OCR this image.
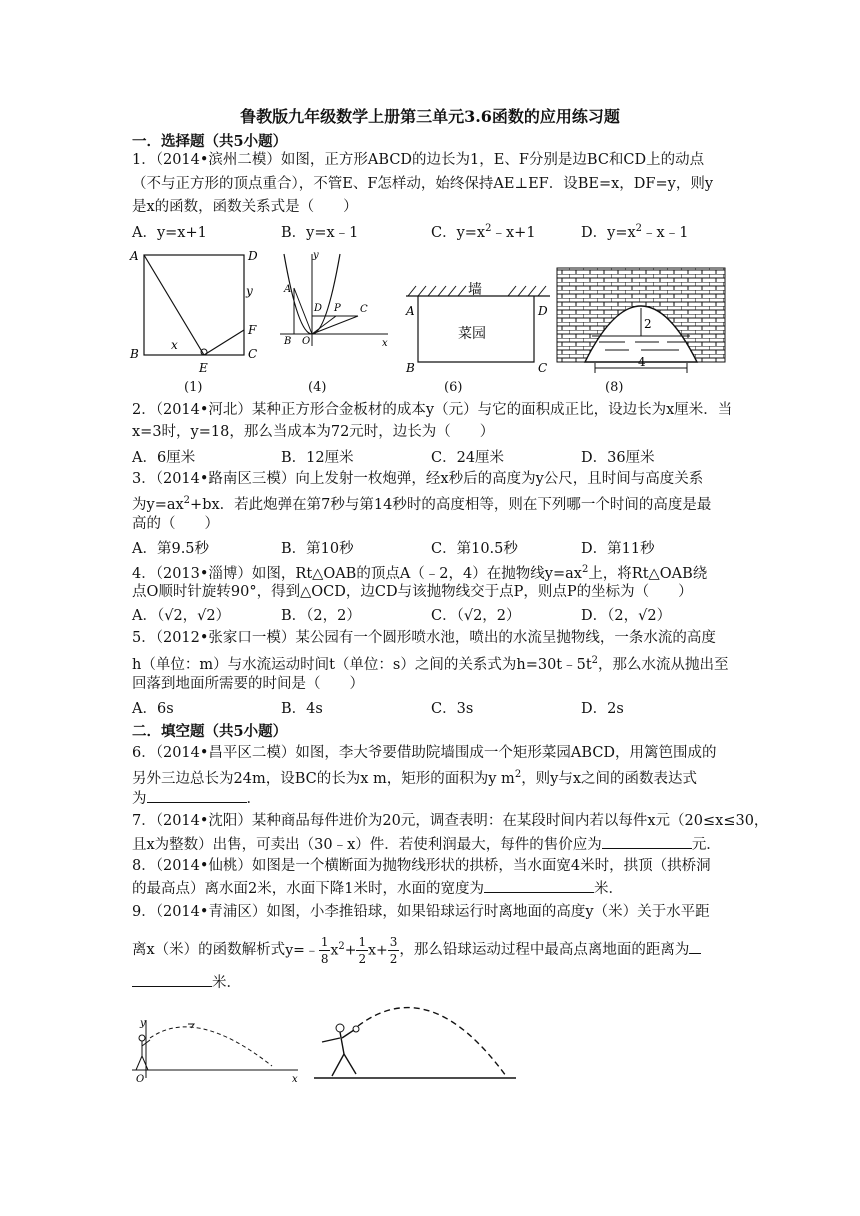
鲁教版九年级数学上册第三单元3.6函数的应用练习题
一．选择题（共5小题）
1．（2014•滨州二模）如图，正方形ABCD的边长为1，E、F分别是边BC和CD上的动点
（不与正方形的顶点重合），不管E、F怎样动，始终保持AE⊥EF．设BE=x，DF=y，则y
是x的函数，函数关系式是（　　）
A．y=x+1	B．y=x﹣1	C．$y=x^2﹣x+1$	D．$y=x^2﹣x﹣1$
A	D
B	C
F
E
y
x
(1)
y
A
B O
D P C
x
(4)
墙
菜园
A	D
B	C
(6)
2
4
(8)
2．（2014•河北）某种正方形合金板材的成本y（元）与它的面积成正比，设边长为x厘米．当
x=3时，y=18，那么当成本为72元时，边长为（　　）
A．6厘米	B．12厘米	C．24厘米	D．36厘米
3．（2014•路南区三模）向上发射一枚炮弹，经x秒后的高度为y公尺，且时间与高度关系
为$y=ax^2+bx$．若此炮弹在第7秒与第14秒时的高度相等，则在下列哪一个时间的高度是最
高的（　　）
A．第9.5秒	B．第10秒	C．第10.5秒	D．第11秒
4．（2013•淄博）如图，Rt△OAB的顶点A（﹣2，4）在抛物线$y=ax^2$上，将Rt△OAB绕
点O顺时针旋转90°，得到△OCD，边CD与该抛物线交于点P，则点P的坐标为（　　）
A．（√2，√2）	B．（2，2）	C．（√2，2）	D．（2，√2）
5．（2012•张家口一模）某公园有一个圆形喷水池，喷出的水流呈抛物线，一条水流的高度
h（单位：m）与水流运动时间t（单位：s）之间的关系式为$h=30t﹣5t^2$，那么水流从抛出至
回落到地面所需要的时间是（　　）
A．6s	B．4s	C．3s	D．2s
二．填空题（共5小题）
6．（2014•昌平区二模）如图，李大爷要借助院墙围成一个矩形菜园ABCD，用篱笆围成的
另外三边总长为24m，设BC的长为x m，矩形的面积为y $m^2$，则y与x之间的函数表达式
为	．
7．（2014•沈阳）某种商品每件进价为20元，调查表明：在某段时间内若以每件x元（20≤x≤30，
且x为整数）出售，可卖出（30﹣x）件．若使利润最大，每件的售价应为	元．
8．（2014•仙桃）如图是一个横断面为抛物线形状的拱桥，当水面宽4米时，拱顶（拱桥洞
的最高点）离水面2米，水面下降1米时，水面的宽度为	米．
9．（2014•青浦区）如图，小李推铅球，如果铅球运行时离地面的高度y（米）关于水平距
离x（米）的函数解析式y=﹣ $\frac{1}{8} x^2+ \frac{1}{2} x+ \frac{3}{2}$ ，那么铅球运动过程中最高点离地面的距离为
米．
y
x
O
